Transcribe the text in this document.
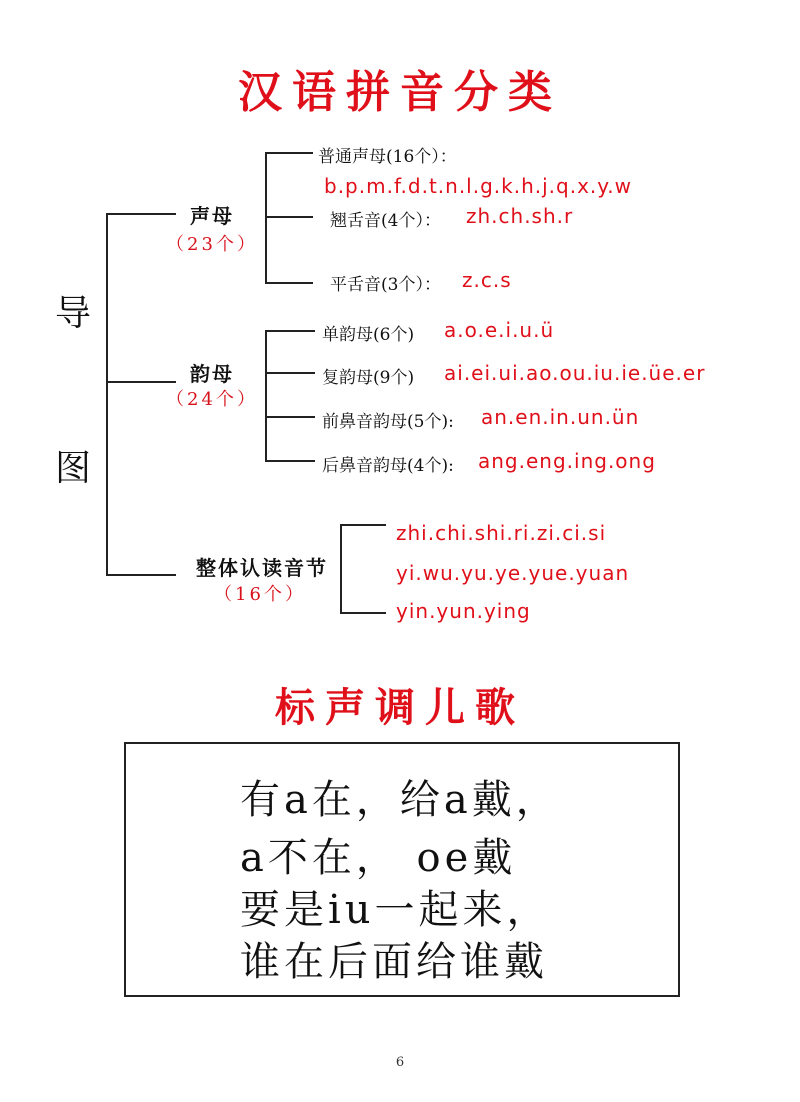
汉语拼音分类
导
图
声母
（23个）
普通声母(16个）：
b.p.m.f.d.t.n.l.g.k.h.j.q.x.y.w
翘舌音(4个）： zh.ch.sh.r
平舌音(3个）： z.c.s
韵母
（24个）
单韵母(6个) a.o.e.i.u.ü
复韵母(9个) ai.ei.ui.ao.ou.iu.ie.üe.er
前鼻音韵母(5个): an.en.in.un.ün
后鼻音韵母(4个): ang.eng.ing.ong
整体认读音节
（16个）
zhi.chi.shi.ri.zi.ci.si
yi.wu.yu.ye.yue.yuan
yin.yun.ying
标声调儿歌
有a在，给a戴，
a不在， oe戴
要是iu一起来，
谁在后面给谁戴
6
